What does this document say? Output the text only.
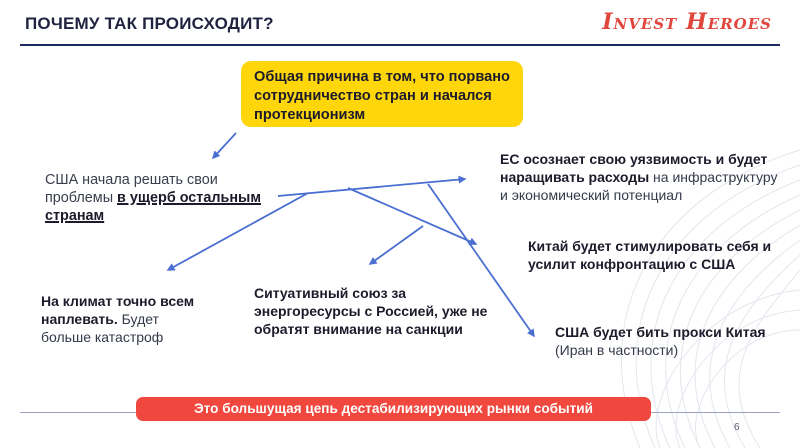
ПОЧЕМУ ТАК ПРОИСХОДИТ?	Invest Heroes
Общая причина в том, что порвано сотрудничество стран и начался протекционизм
США начала решать свои проблемы в ущерб остальным странам
ЕС осознает свою уязвимость и будет наращивать расходы на инфраструктуру и экономический потенциал
Китай будет стимулировать себя и усилит конфронтацию с США
На климат точно всем наплевать. Будет больше катастроф
Ситуативный союз за энергоресурсы с Россией, уже не обратят внимание на санкции	США будет бить прокси Китая (Иран в частности)
Это большущая цепь дестабилизирующих рынки событий
6
